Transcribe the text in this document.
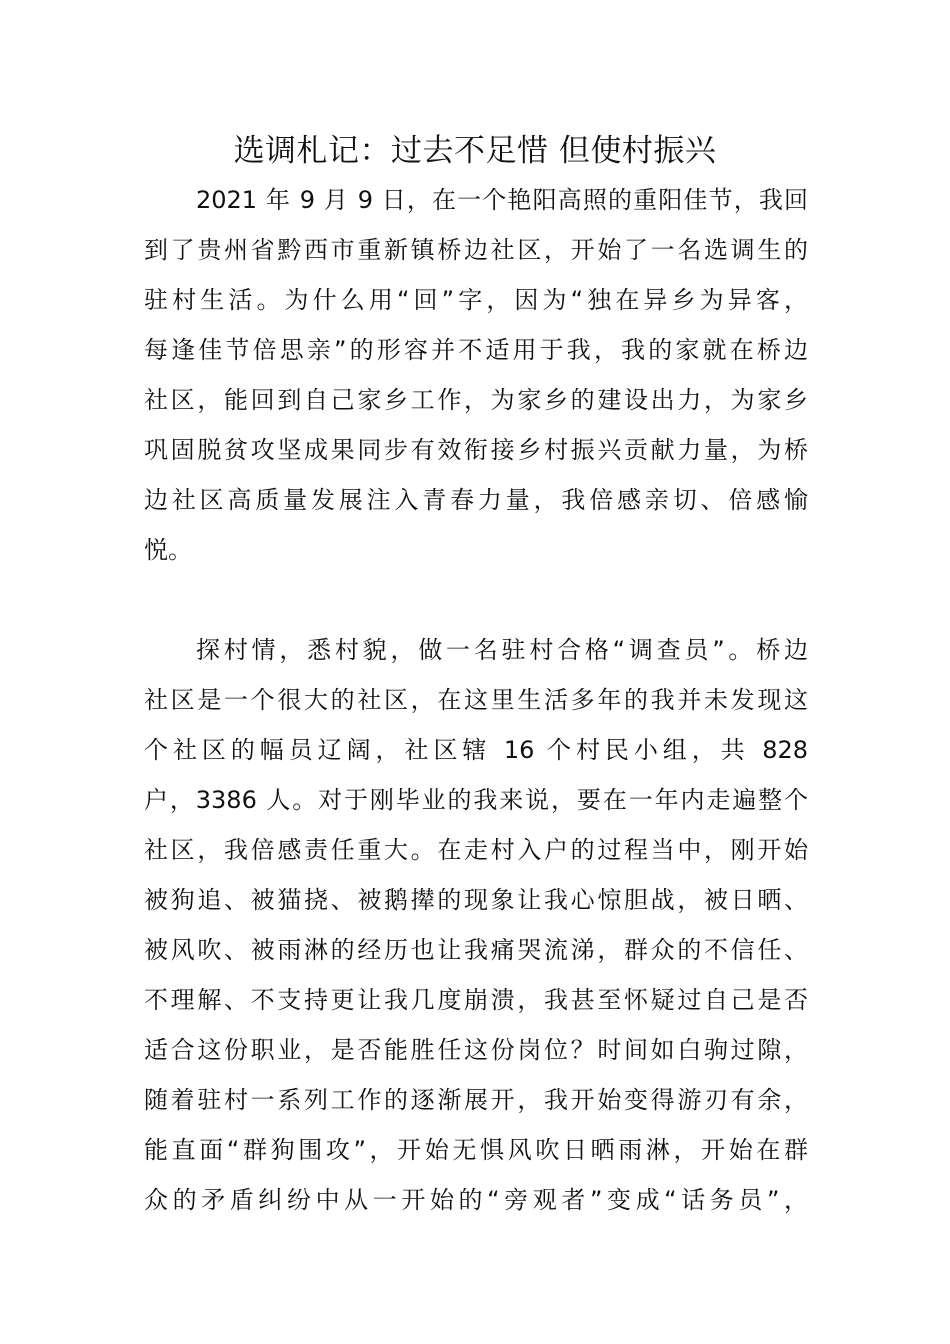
选调札记：过去不足惜 但使村振兴
2021 年 9 月 9 日，在一个艳阳高照的重阳佳节，我回
到了贵州省黔西市重新镇桥边社区，开始了一名选调生的
驻村生活。为什么用“回”字，因为“独在异乡为异客，
每逢佳节倍思亲”的形容并不适用于我，我的家就在桥边
社区，能回到自己家乡工作，为家乡的建设出力，为家乡
巩固脱贫攻坚成果同步有效衔接乡村振兴贡献力量，为桥
边社区高质量发展注入青春力量，我倍感亲切、倍感愉
悦。
探村情，悉村貌，做一名驻村合格“调查员”。桥边
社区是一个很大的社区，在这里生活多年的我并未发现这
个社区的幅员辽阔，社区辖 16 个村民小组，共 828
户，3386 人。对于刚毕业的我来说，要在一年内走遍整个
社区，我倍感责任重大。在走村入户的过程当中，刚开始
被狗追、被猫挠、被鹅撵的现象让我心惊胆战，被日晒、
被风吹、被雨淋的经历也让我痛哭流涕，群众的不信任、
不理解、不支持更让我几度崩溃，我甚至怀疑过自己是否
适合这份职业，是否能胜任这份岗位？时间如白驹过隙，
随着驻村一系列工作的逐渐展开，我开始变得游刃有余，
能直面“群狗围攻”，开始无惧风吹日晒雨淋，开始在群
众的矛盾纠纷中从一开始的“旁观者”变成“话务员”，
